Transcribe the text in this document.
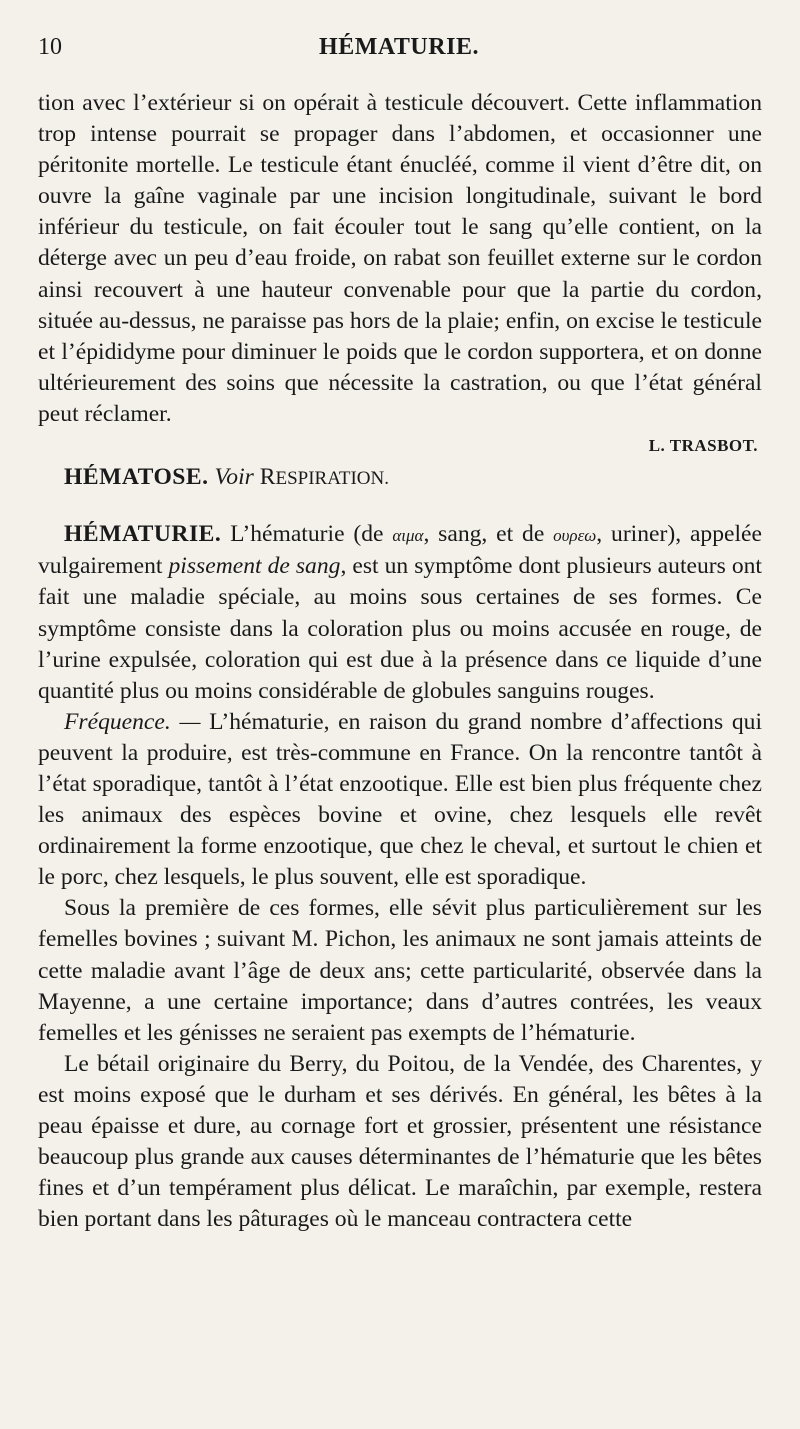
10	HÉMATURIE.

tion avec l’extérieur si on opérait à testicule découvert. Cette inflammation trop intense pourrait se propager dans l’abdomen, et occasionner une péritonite mortelle. Le testicule étant énucléé, comme il vient d’être dit, on ouvre la gaîne vaginale par une incision longitudinale, suivant le bord inférieur du testicule, on fait écouler tout le sang qu’elle contient, on la déterge avec un peu d’eau froide, on rabat son feuillet externe sur le cordon ainsi recouvert à une hauteur convenable pour que la partie du cordon, située au-dessus, ne paraisse pas hors de la plaie; enfin, on excise le testicule et l’épididyme pour diminuer le poids que le cordon supportera, et on donne ultérieurement des soins que nécessite la castration, ou que l’état général peut réclamer.

L. TRASBOT.

HÉMATOSE. Voir RESPIRATION.

HÉMATURIE. L’hématurie (de αιμα, sang, et de ουρεω, uriner), appelée vulgairement pissement de sang, est un symptôme dont plusieurs auteurs ont fait une maladie spéciale, au moins sous certaines de ses formes. Ce symptôme consiste dans la coloration plus ou moins accusée en rouge, de l’urine expulsée, coloration qui est due à la présence dans ce liquide d’une quantité plus ou moins considérable de globules sanguins rouges.

Fréquence. — L’hématurie, en raison du grand nombre d’affections qui peuvent la produire, est très-commune en France. On la rencontre tantôt à l’état sporadique, tantôt à l’état enzootique. Elle est bien plus fréquente chez les animaux des espèces bovine et ovine, chez lesquels elle revêt ordinairement la forme enzootique, que chez le cheval, et surtout le chien et le porc, chez lesquels, le plus souvent, elle est sporadique.

Sous la première de ces formes, elle sévit plus particulièrement sur les femelles bovines ; suivant M. Pichon, les animaux ne sont jamais atteints de cette maladie avant l’âge de deux ans; cette particularité, observée dans la Mayenne, a une certaine importance; dans d’autres contrées, les veaux femelles et les génisses ne seraient pas exempts de l’hématurie.

Le bétail originaire du Berry, du Poitou, de la Vendée, des Charentes, y est moins exposé que le durham et ses dérivés. En général, les bêtes à la peau épaisse et dure, au cornage fort et grossier, présentent une résistance beaucoup plus grande aux causes déterminantes de l’hématurie que les bêtes fines et d’un tempérament plus délicat. Le maraîchin, par exemple, restera bien portant dans les pâturages où le manceau contractera cette
